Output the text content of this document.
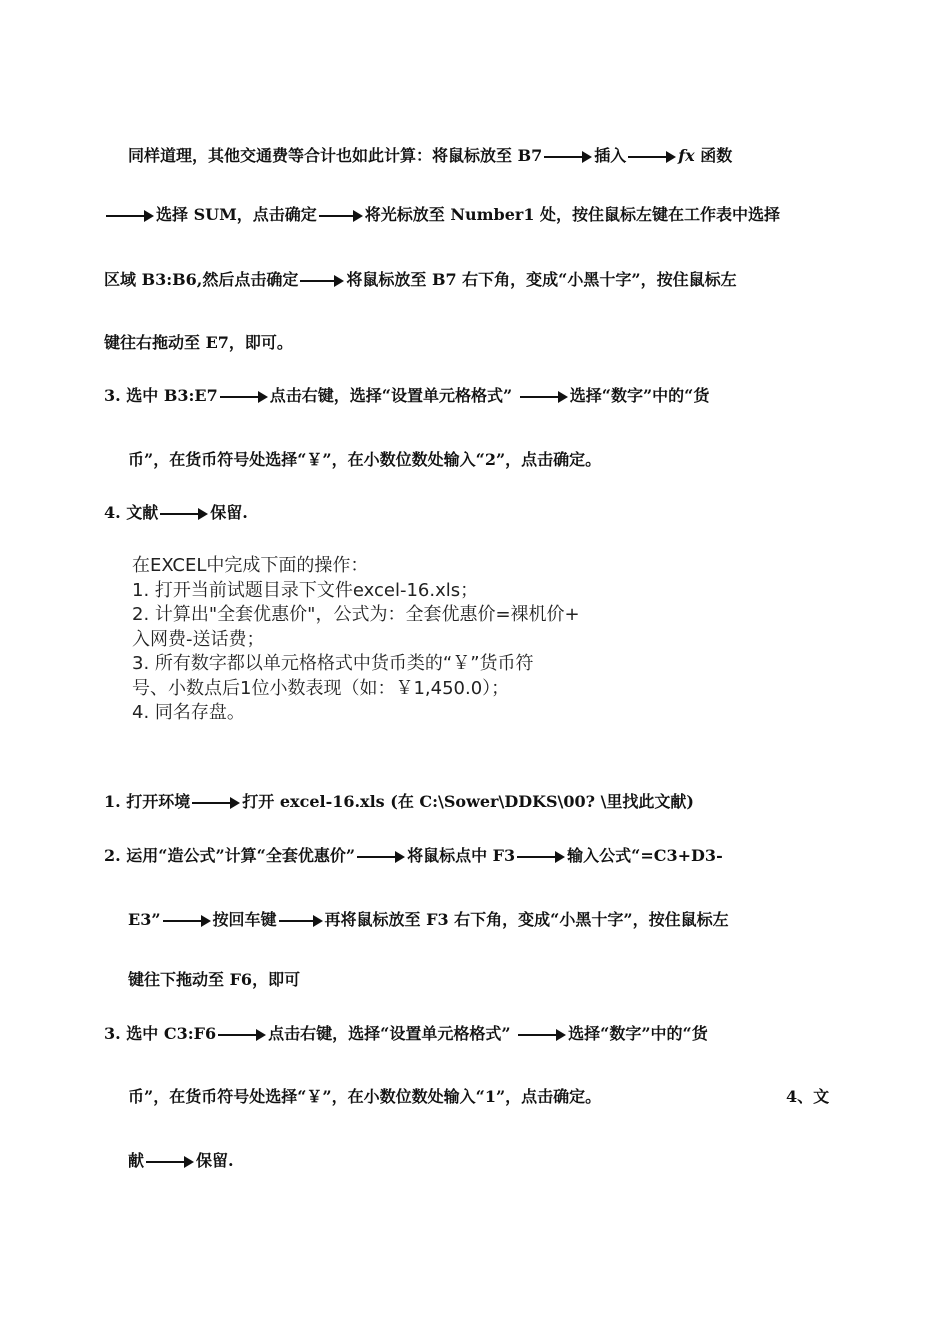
同样道理，其他交通费等合计也如此计算：将鼠标放至 B7	插入	fx 函数
选择 SUM，点击确定	将光标放至 Number1 处，按住鼠标左键在工作表中选择
区域 B3:B6,然后点击确定	将鼠标放至 B7 右下角，变成“小黑十字”，按住鼠标左
键往右拖动至 E7，即可。
3. 选中 B3:E7	点击右键，选择“设置单元格格式”	选择“数字”中的“货
币”，在货币符号处选择“￥”，在小数位数处输入“2”，点击确定。
4. 文献	保留.
在EXCEL中完成下面的操作：
1. 打开当前试题目录下文件excel-16.xls；
2. 计算出"全套优惠价"，公式为：全套优惠价=裸机价+
入网费-送话费；
3. 所有数字都以单元格格式中货币类的“￥”货币符
号、小数点后1位小数表现（如：￥1,450.0）；
4. 同名存盘。
1. 打开环境	打开 excel-16.xls (在 C:\Sower\DDKS\00? \里找此文献)
2. 运用“造公式”计算“全套优惠价”	将鼠标点中 F3	输入公式“=C3+D3-
E3”	按回车键	再将鼠标放至 F3 右下角，变成“小黑十字”，按住鼠标左
键往下拖动至 F6，即可
3. 选中 C3:F6	点击右键，选择“设置单元格格式”	选择“数字”中的“货
币”，在货币符号处选择“￥”，在小数位数处输入“1”，点击确定。	4、文
献	保留.
